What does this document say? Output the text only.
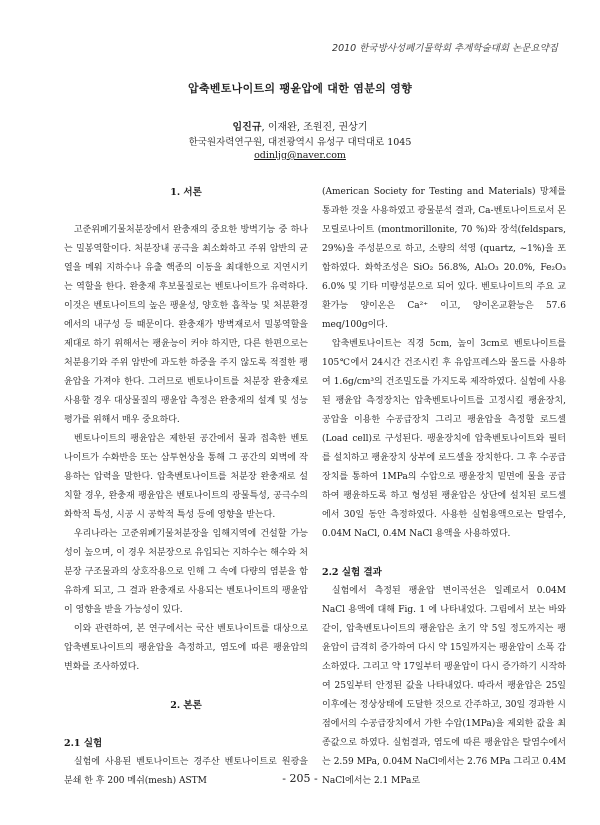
2010 한국방사성폐기물학회 추계학술대회 논문요약집
압축벤토나이트의 팽윤압에 대한 염분의 영향
임진규, 이재완, 조원진, 권상기
한국원자력연구원, 대전광역시 유성구 대덕대로 1045
odinljg@naver.com
1. 서론

고준위폐기물처분장에서 완충재의 중요한 방벽기능 중 하나는 밀봉역할이다. 처분장내 공극을 최소화하고 주위 암반의 균열을 메워 지하수나 유출 핵종의 이동을 최대한으로 지연시키는 역할을 한다. 완충재 후보물질로는 벤토나이트가 유력하다. 이것은 벤토나이트의 높은 팽윤성, 양호한 흡착능 및 처분환경에서의 내구성 등 때문이다. 완충재가 방벽재로서 밀봉역할을 제대로 하기 위해서는 팽윤능이 커야 하지만, 다른 한편으로는 처분용기와 주위 암반에 과도한 하중을 주지 않도록 적절한 팽윤압을 가져야 한다. 그러므로 벤토나이트를 처분장 완충재로 사용할 경우 대상물질의 팽윤압 측정은 완충재의 설계 및 성능평가를 위해서 매우 중요하다.

벤토나이트의 팽윤압은 제한된 공간에서 물과 접촉한 벤토나이트가 수화반응 또는 삼투현상을 통해 그 공간의 외벽에 작용하는 압력을 말한다. 압축벤토나이트를 처분장 완충재로 설치할 경우, 완충재 팽윤압은 벤토나이트의 광물특성, 공극수의 화학적 특성, 시공 시 공학적 특성 등에 영향을 받는다.

우리나라는 고준위폐기물처분장을 임해지역에 건설할 가능성이 높으며, 이 경우 처분장으로 유입되는 지하수는 해수와 처분장 구조물과의 상호작용으로 인해 그 속에 다량의 염분을 함유하게 되고, 그 결과 완충재로 사용되는 벤토나이트의 팽윤압이 영향을 받을 가능성이 있다.

이와 관련하여, 본 연구에서는 국산 벤토나이트를 대상으로 압축벤토나이트의 팽윤압을 측정하고, 염도에 따른 팽윤압의 변화를 조사하였다.

2. 본론
2.1 실험

실험에 사용된 벤토나이트는 경주산 벤토나이트로 원광을 분쇄 한 후 200 메쉬(mesh) ASTM

(American Society for Testing and Materials) 망체를 통과한 것을 사용하였고 광물분석 결과, Ca-벤토나이트로서 몬모릴로나이트 (montmorillonite, 70 %)와 장석(feldspars, 29%)을 주성분으로 하고, 소량의 석영 (quartz, ~1%)을 포함하였다. 화학조성은 SiO₂ 56.8%, Al₂O₃ 20.0%, Fe₂O₃ 6.0% 및 기타 미량성분으로 되어 있다. 벤토나이트의 주요 교환가능 양이온은 Ca²⁺ 이고, 양이온교환능은 57.6 meq/100g이다.

압축벤토나이트는 직경 5cm, 높이 3cm로 벤토나이트를 105℃에서 24시간 건조시킨 후 유압프레스와 몰드를 사용하여 1.6g/cm³의 건조밀도를 가지도록 제작하였다. 실험에 사용된 팽윤압 측정장치는 압축벤토나이트를 고정시킬 팽윤장치, 공압을 이용한 수공급장치 그리고 팽윤압을 측정할 로드셀(Load cell)로 구성된다. 팽윤장치에 압축벤토나이트와 필터를 설치하고 팽윤장치 상부에 로드셀을 장치한다. 그 후 수공급장치를 통하여 1MPa의 수압으로 팽윤장치 밑면에 물을 공급하여 팽윤하도록 하고 형성된 팽윤압은 상단에 설치된 로드셀에서 30일 동안 측정하였다. 사용한 실험용액으로는 탈염수, 0.04M NaCl, 0.4M NaCl 용액을 사용하였다.

2.2 실험 결과

실험에서 측정된 팽윤압 변이곡선은 일례로서 0.04M NaCl 용액에 대해 Fig. 1 에 나타내었다. 그림에서 보는 바와 같이, 압축벤토나이트의 팽윤압은 초기 약 5일 정도까지는 팽윤압이 급격히 증가하여 다시 약 15일까지는 팽윤압이 소폭 감소하였다. 그리고 약 17일부터 팽윤압이 다시 증가하기 시작하여 25일부터 안정된 값을 나타내었다. 따라서 팽윤압은 25일 이후에는 정상상태에 도달한 것으로 간주하고, 30일 경과한 시점에서의 수공급장치에서 가한 수압(1MPa)을 제외한 값을 최종값으로 하였다. 실험결과, 염도에 따른 팽윤압은 탈염수에서는 2.59 MPa, 0.04M NaCl에서는 2.76 MPa 그리고 0.4M NaCl에서는 2.1 MPa로

- 205 -
